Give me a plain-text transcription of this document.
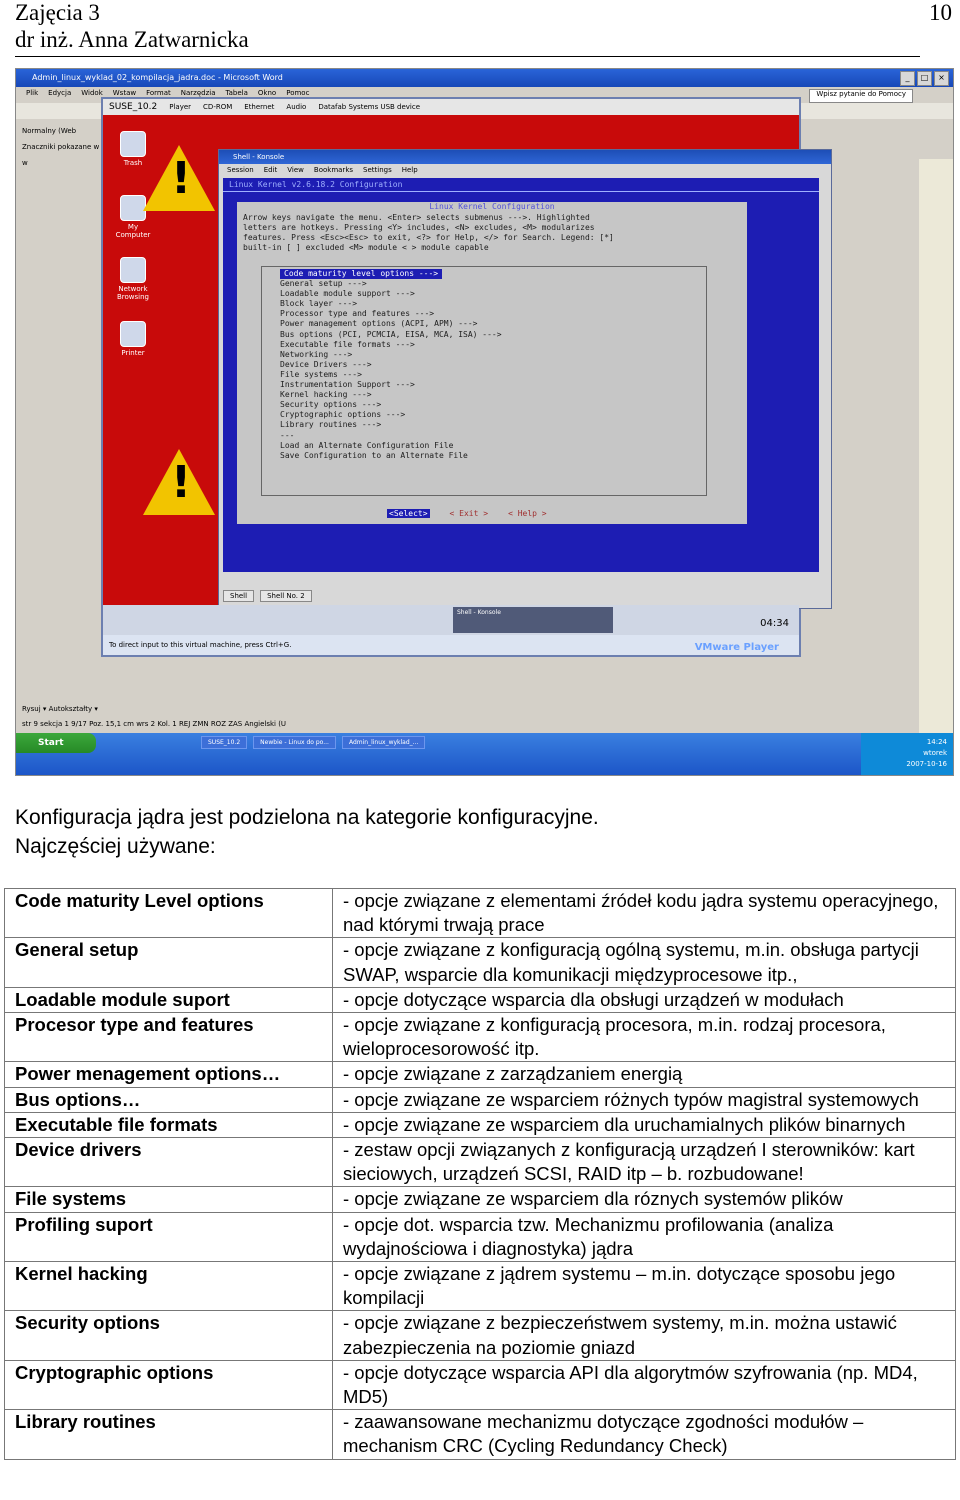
Zajęcia 3
dr inż. Anna Zatwarnicka
10
Admin_linux_wyklad_02_kompilacja_jadra.doc - Microsoft Word	_	□	×
Plik Edycja Widok Wstaw Format Narzędzia Tabela Okno Pomoc	Wpisz pytanie do Pomocy
Normalny (Web
Znaczniki pokazane w w
SUSE_10.2 Player CD-ROM Ethernet Audio Datafab Systems USB device
Trash
My Computer
Network Browsing
Printer
!
!
Shell - Konsole
Session Edit View Bookmarks Settings Help
Linux Kernel v2.6.18.2 Configuration
Linux Kernel Configuration
Arrow keys navigate the menu. <Enter> selects submenus --->. Highlighted
letters are hotkeys. Pressing <Y> includes, <N> excludes, <M> modularizes
features. Press <Esc><Esc> to exit, <?> for Help, </> for Search. Legend: [*]
built-in [ ] excluded <M> module < > module capable
Code maturity level options --->
General setup --->
Loadable module support --->
Block layer --->
Processor type and features --->
Power management options (ACPI, APM) --->
Bus options (PCI, PCMCIA, EISA, MCA, ISA) --->
Executable file formats --->
Networking --->
Device Drivers --->
File systems --->
Instrumentation Support --->
Kernel hacking --->
Security options --->
Cryptographic options --->
Library routines --->
---
Load an Alternate Configuration File
Save Configuration to an Alternate File
<Select>	< Exit >	< Help >
Shell	Shell No. 2
Shell - Konsole
04:34
To direct input to this virtual machine, press Ctrl+G.	VMware Player
Rysuj ▾ Autokształty ▾
str 9 sekcja 1 9/17 Poz. 15,1 cm wrs 2 Kol. 1 REJ ZMN ROZ ZAS Angielski (U
Start	SUSE_10.2	Newbie - Linux do po...	Admin_linux_wyklad_...	14:24
wtorek
2007-10-16
Konfiguracja jądra jest podzielona na kategorie konfiguracyjne.
Najczęściej używane:
Code maturity Level options	- opcje związane z elementami źródeł kodu jądra systemu operacyjnego, nad którymi trwają prace
General setup	- opcje związane z konfiguracją ogólną systemu, m.in. obsługa partycji SWAP, wsparcie dla komunikacji międzyprocesowe itp.,
Loadable module suport	- opcje dotyczące wsparcia dla obsługi urządzeń w modułach
Procesor type and features	- opcje związane z konfiguracją procesora, m.in. rodzaj procesora, wieloprocesorowość itp.
Power menagement options…	- opcje związane z zarządzaniem energią
Bus options…	- opcje związane ze wsparciem różnych typów magistral systemowych
Executable file formats	- opcje związane ze wsparciem dla uruchamialnych plików binarnych
Device drivers	- zestaw opcji związanych z konfiguracją urządzeń I sterowników: kart sieciowych, urządzeń SCSI, RAID itp – b. rozbudowane!
File systems	- opcje związane ze wsparciem dla róznych systemów plików
Profiling suport	- opcje dot. wsparcia tzw. Mechanizmu profilowania (analiza wydajnościowa i diagnostyka) jądra
Kernel hacking	- opcje związane z jądrem systemu – m.in. dotyczące sposobu jego kompilacji
Security options	- opcje związane z bezpieczeństwem systemy, m.in. można ustawić zabezpieczenia na poziomie gniazd
Cryptographic options	- opcje dotyczące wsparcia API dla algorytmów szyfrowania (np. MD4, MD5)
Library routines	- zaawansowane mechanizmu dotyczące zgodności modułów – mechanism CRC (Cycling Redundancy Check)
